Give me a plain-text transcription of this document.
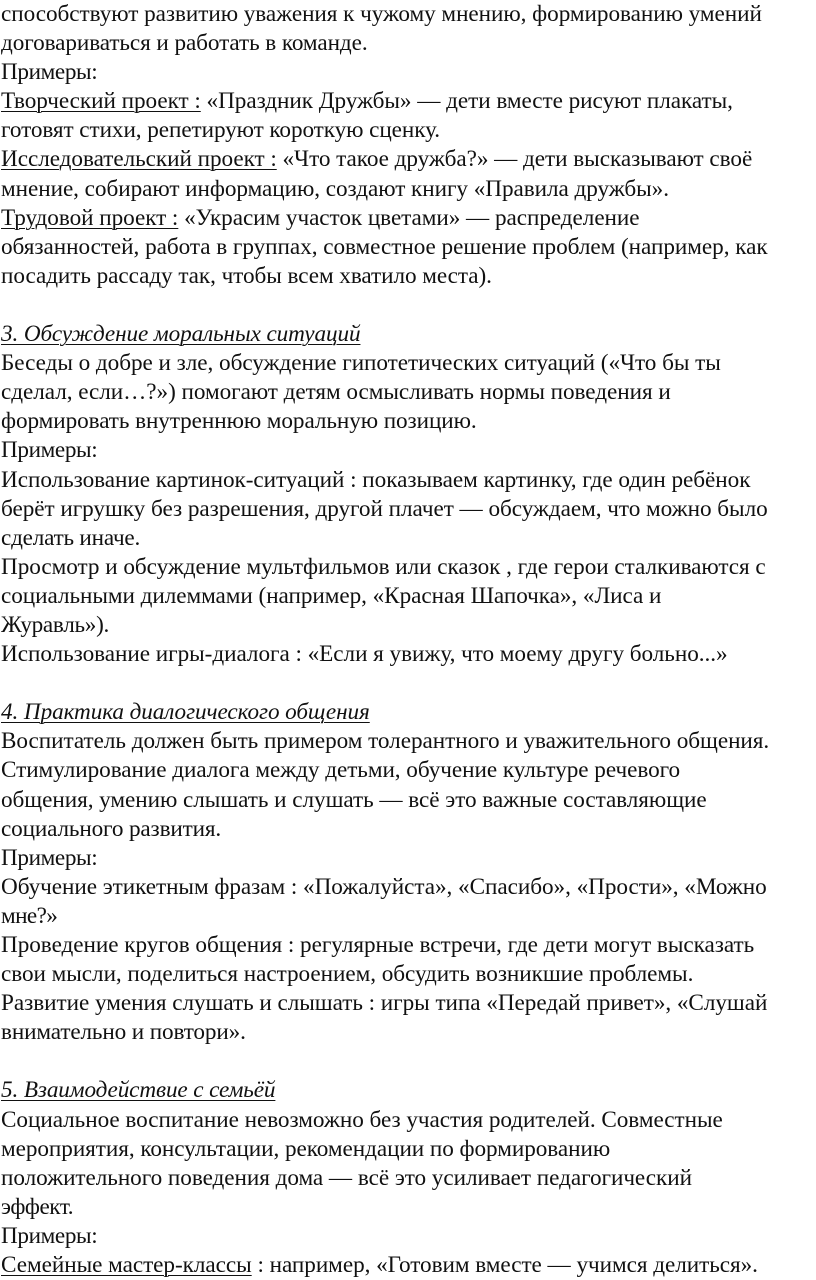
способствуют развитию уважения к чужому мнению, формированию умений
договариваться и работать в команде.
Примеры:
Творческий проект : «Праздник Дружбы» — дети вместе рисуют плакаты,
готовят стихи, репетируют короткую сценку.
Исследовательский проект : «Что такое дружба?» — дети высказывают своё
мнение, собирают информацию, создают книгу «Правила дружбы».
Трудовой проект : «Украсим участок цветами» — распределение
обязанностей, работа в группах, совместное решение проблем (например, как
посадить рассаду так, чтобы всем хватило места).
3. Обсуждение моральных ситуаций
Беседы о добре и зле, обсуждение гипотетических ситуаций («Что бы ты
сделал, если…?») помогают детям осмысливать нормы поведения и
формировать внутреннюю моральную позицию.
Примеры:
Использование картинок-ситуаций : показываем картинку, где один ребёнок
берёт игрушку без разрешения, другой плачет — обсуждаем, что можно было
сделать иначе.
Просмотр и обсуждение мультфильмов или сказок , где герои сталкиваются с
социальными дилеммами (например, «Красная Шапочка», «Лиса и
Журавль»).
Использование игры-диалога : «Если я увижу, что моему другу больно...»
4. Практика диалогического общения
Воспитатель должен быть примером толерантного и уважительного общения.
Стимулирование диалога между детьми, обучение культуре речевого
общения, умению слышать и слушать — всё это важные составляющие
социального развития.
Примеры:
Обучение этикетным фразам : «Пожалуйста», «Спасибо», «Прости», «Можно
мне?»
Проведение кругов общения : регулярные встречи, где дети могут высказать
свои мысли, поделиться настроением, обсудить возникшие проблемы.
Развитие умения слушать и слышать : игры типа «Передай привет», «Слушай
внимательно и повтори».
5. Взаимодействие с семьёй
Социальное воспитание невозможно без участия родителей. Совместные
мероприятия, консультации, рекомендации по формированию
положительного поведения дома — всё это усиливает педагогический
эффект.
Примеры:
Семейные мастер-классы : например, «Готовим вместе — учимся делиться».
